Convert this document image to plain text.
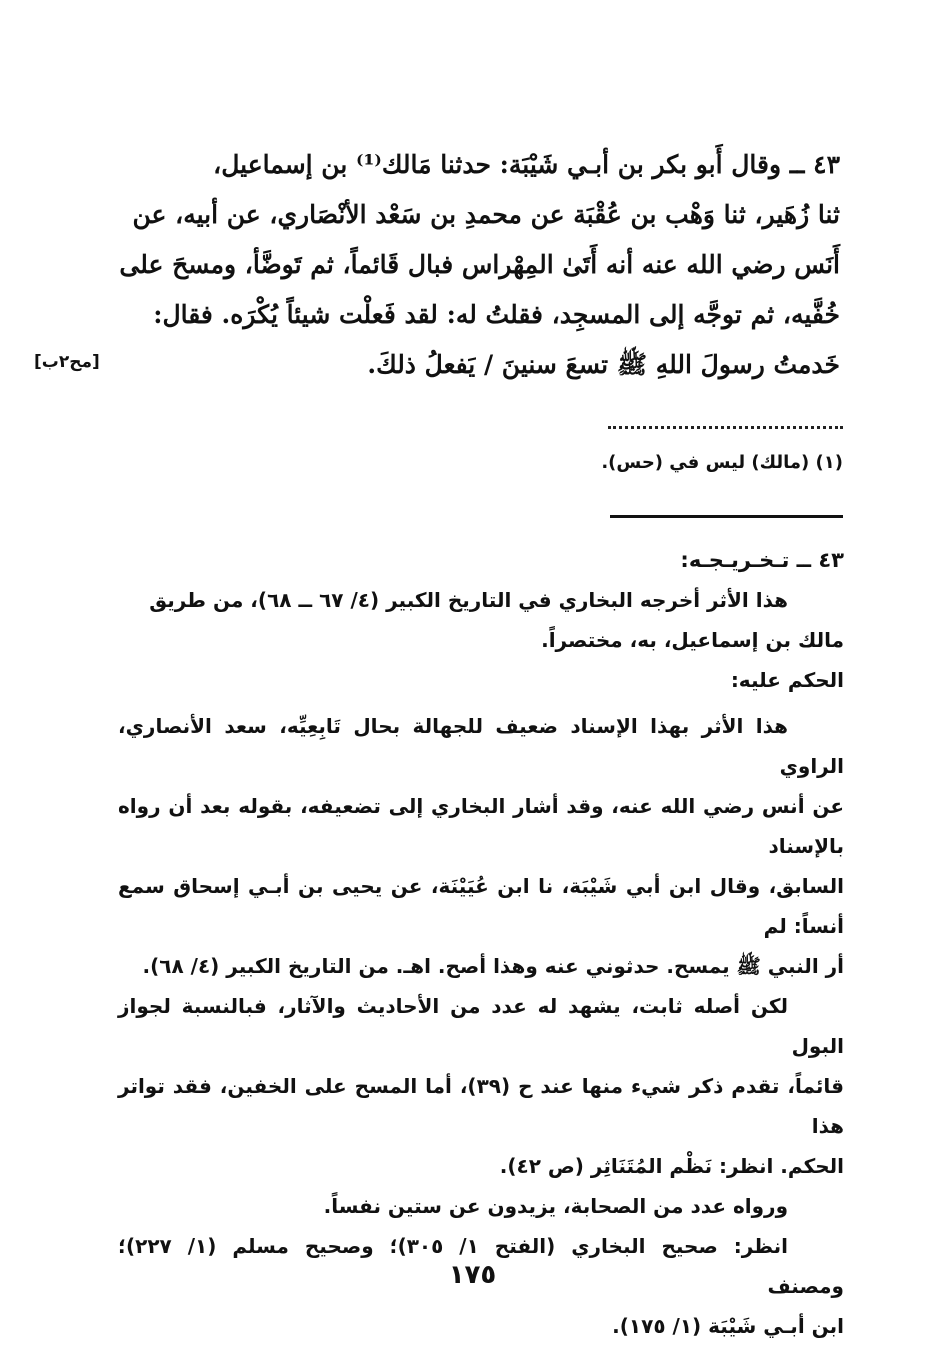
٤٣ ــ وقال أَبو بكر بن أبـي شَيْبَة: حدثنا مَالك⁽¹⁾ بن إسماعيل،

ثنا زُهَير، ثنا وَهْب بن عُقْبَة عن محمدِ بن سَعْد الأنْصَاري، عن أبيه، عن

أَنَس رضي الله عنه أنه أَتَىٰ المِهْراس فبال قَائماً، ثم تَوضَّأ، ومسحَ على

خُفَّيه، ثم توجَّه إلى المسجِد، فقلتُ له: لقد فَعلْت شيئاً يُكْرَه. فقال:

خَدمتُ رسولَ اللهِ ﷺ تسعَ سنينَ / يَفعلُ ذلكَ.

[مح٢ب]
(١) (مالك) ليس في (حس).

٤٣ ــ تـخـريـجـه:

هذا الأثر أخرجه البخاري في التاريخ الكبير (٤/ ٦٧ ــ ٦٨)، من طريق

مالك بن إسماعيل، به، مختصراً.

الحكم عليه:

هذا الأثر بهذا الإسناد ضعيف للجهالة بحال تَابِعِيِّه، سعد الأنصاري، الراوي

عن أنس رضي الله عنه، وقد أشار البخاري إلى تضعيفه، بقوله بعد أن رواه بالإسناد

السابق، وقال ابن أبي شَيْبَة، نا ابن عُيَيْنَة، عن يحيى بن أبـي إسحاق سمع أنساً: لم

أر النبي ﷺ يمسح. حدثوني عنه وهذا أصح. اهـ. من التاريخ الكبير (٤/ ٦٨).

لكن أصله ثابت، يشهد له عدد من الأحاديث والآثار، فبالنسبة لجواز البول

قائماً، تقدم ذكر شيء منها عند ح (٣٩)، أما المسح على الخفين، فقد تواتر هذا

الحكم. انظر: نَظْم المُتَنَاثِر (ص ٤٢).

ورواه عدد من الصحابة، يزيدون عن ستين نفساً.

انظر: صحيح البخاري (الفتح ١/ ٣٠٥)؛ وصحيح مسلم (١/ ٢٢٧)؛ ومصنف

ابن أبـي شَيْبَة (١/ ١٧٥).

١٧٥
